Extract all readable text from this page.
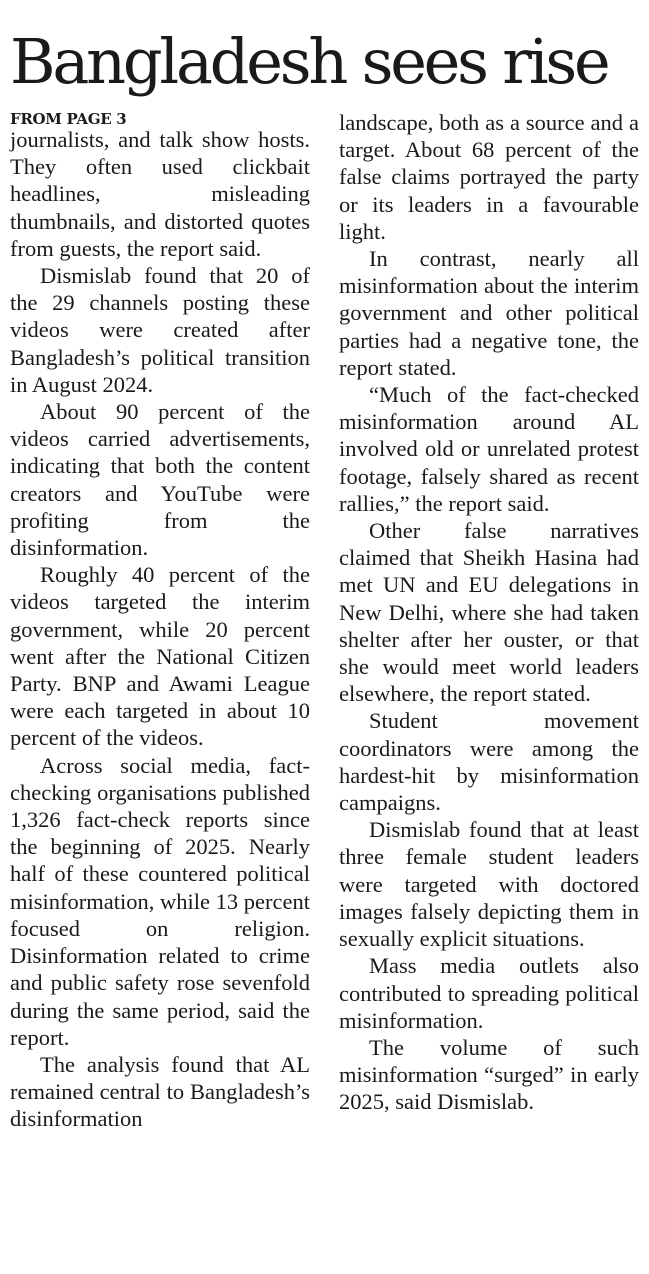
Bangladesh sees rise
FROM PAGE 3

journalists, and talk show hosts. They often used clickbait headlines, misleading thumbnails, and distorted quotes from guests, the report said.

Dismislab found that 20 of the 29 channels posting these videos were created after Bangladesh’s political transition in August 2024.

About 90 percent of the videos carried advertisements, indicating that both the content creators and YouTube were profiting from the disinformation.

Roughly 40 percent of the videos targeted the interim government, while 20 percent went after the National Citizen Party. BNP and Awami League were each targeted in about 10 percent of the videos.

Across social media, fact-checking organisations published 1,326 fact-check reports since the beginning of 2025. Nearly half of these countered political misinformation, while 13 percent focused on religion. Disinformation related to crime and public safety rose sevenfold during the same period, said the report.

The analysis found that AL remained central to Bangladesh’s disinformation

landscape, both as a source and a target. About 68 percent of the false claims portrayed the party or its leaders in a favourable light.

In contrast, nearly all misinformation about the interim government and other political parties had a negative tone, the report stated.

“Much of the fact-checked misinformation around AL involved old or unrelated protest footage, falsely shared as recent rallies,” the report said.

Other false narratives claimed that Sheikh Hasina had met UN and EU delegations in New Delhi, where she had taken shelter after her ouster, or that she would meet world leaders elsewhere, the report stated.

Student movement coordinators were among the hardest-hit by misinformation campaigns.

Dismislab found that at least three female student leaders were targeted with doctored images falsely depicting them in sexually explicit situations.

Mass media outlets also contributed to spreading political misinformation.

The volume of such misinformation “surged” in early 2025, said Dismislab.
